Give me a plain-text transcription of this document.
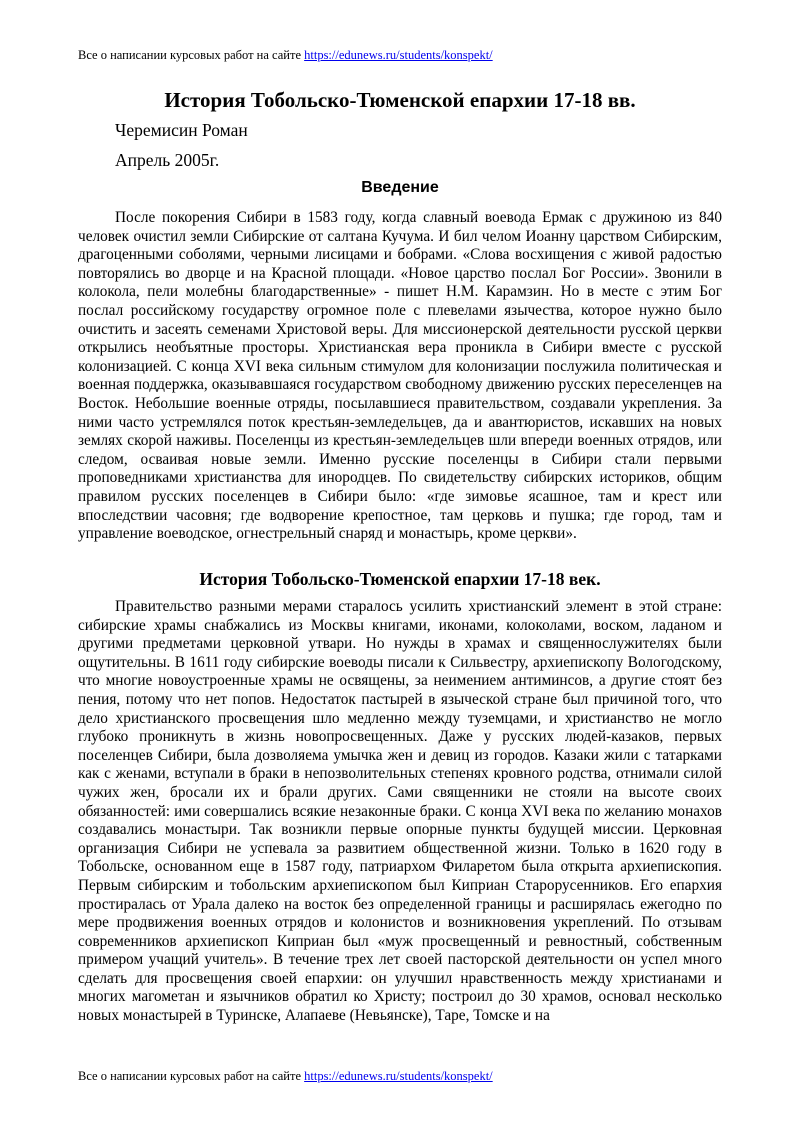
Все о написании курсовых работ на сайте https://edunews.ru/students/konspekt/
История Тобольско-Тюменской епархии 17-18 вв.
Черемисин Роман
Апрель 2005г.
Введение

После покорения Сибири в 1583 году, когда славный воевода Ермак с дружиною из 840 человек очистил земли Сибирские от салтана Кучума. И бил челом Иоанну царством Сибирским, драгоценными соболями, черными лисицами и бобрами. «Слова восхищения с живой радостью повторялись во дворце и на Красной площади. «Новое царство послал Бог России». Звонили в колокола, пели молебны благодарственные» - пишет Н.М. Карамзин. Но в месте с этим Бог послал российскому государству огромное поле с плевелами язычества, которое нужно было очистить и засеять семенами Христовой веры. Для миссионерской деятельности русской церкви открылись необъятные просторы. Христианская вера проникла в Сибири вместе с русской колонизацией. С конца XVI века сильным стимулом для колонизации послужила политическая и военная поддержка, оказывавшаяся государством свободному движению русских переселенцев на Восток. Небольшие военные отряды, посылавшиеся правительством, создавали укрепления. За ними часто устремлялся поток крестьян-земледельцев, да и авантюристов, искавших на новых землях скорой наживы. Поселенцы из крестьян-земледельцев шли впереди военных отрядов, или следом, осваивая новые земли. Именно русские поселенцы в Сибири стали первыми проповедниками христианства для инородцев. По свидетельству сибирских историков, общим правилом русских поселенцев в Сибири было: «где зимовье ясашное, там и крест или впоследствии часовня; где водворение крепостное, там церковь и пушка; где город, там и управление воеводское, огнестрельный снаряд и монастырь, кроме церкви».

История Тобольско-Тюменской епархии 17-18 век.

Правительство разными мерами старалось усилить христианский элемент в этой стране: сибирские храмы снабжались из Москвы книгами, иконами, колоколами, воском, ладаном и другими предметами церковной утвари. Но нужды в храмах и священнослужителях были ощутительны. В 1611 году сибирские воеводы писали к Сильвестру, архиепископу Вологодскому, что многие новоустроенные храмы не освящены, за неимением антиминсов, а другие стоят без пения, потому что нет попов. Недостаток пастырей в языческой стране был причиной того, что дело христианского просвещения шло медленно между туземцами, и христианство не могло глубоко проникнуть в жизнь новопросвещенных. Даже у русских людей-казаков, первых поселенцев Сибири, была дозволяема умычка жен и девиц из городов. Казаки жили с татарками как с женами, вступали в браки в непозволительных степенях кровного родства, отнимали силой чужих жен, бросали их и брали других. Сами священники не стояли на высоте своих обязанностей: ими совершались всякие незаконные браки. С конца XVI века по желанию монахов создавались монастыри. Так возникли первые опорные пункты будущей миссии. Церковная организация Сибири не успевала за развитием общественной жизни. Только в 1620 году в Тобольске, основанном еще в 1587 году, патриархом Филаретом была открыта архиепископия. Первым сибирским и тобольским архиепископом был Киприан Старорусенников. Его епархия простиралась от Урала далеко на восток без определенной границы и расширялась ежегодно по мере продвижения военных отрядов и колонистов и возникновения укреплений. По отзывам современников архиепископ Киприан был «муж просвещенный и ревностный, собственным примером учащий учитель». В течение трех лет своей пасторской деятельности он успел много сделать для просвещения своей епархии: он улучшил нравственность между христианами и многих магометан и язычников обратил ко Христу; построил до 30 храмов, основал несколько новых монастырей в Туринске, Алапаеве (Невьянске), Таре, Томске и на

Все о написании курсовых работ на сайте https://edunews.ru/students/konspekt/
